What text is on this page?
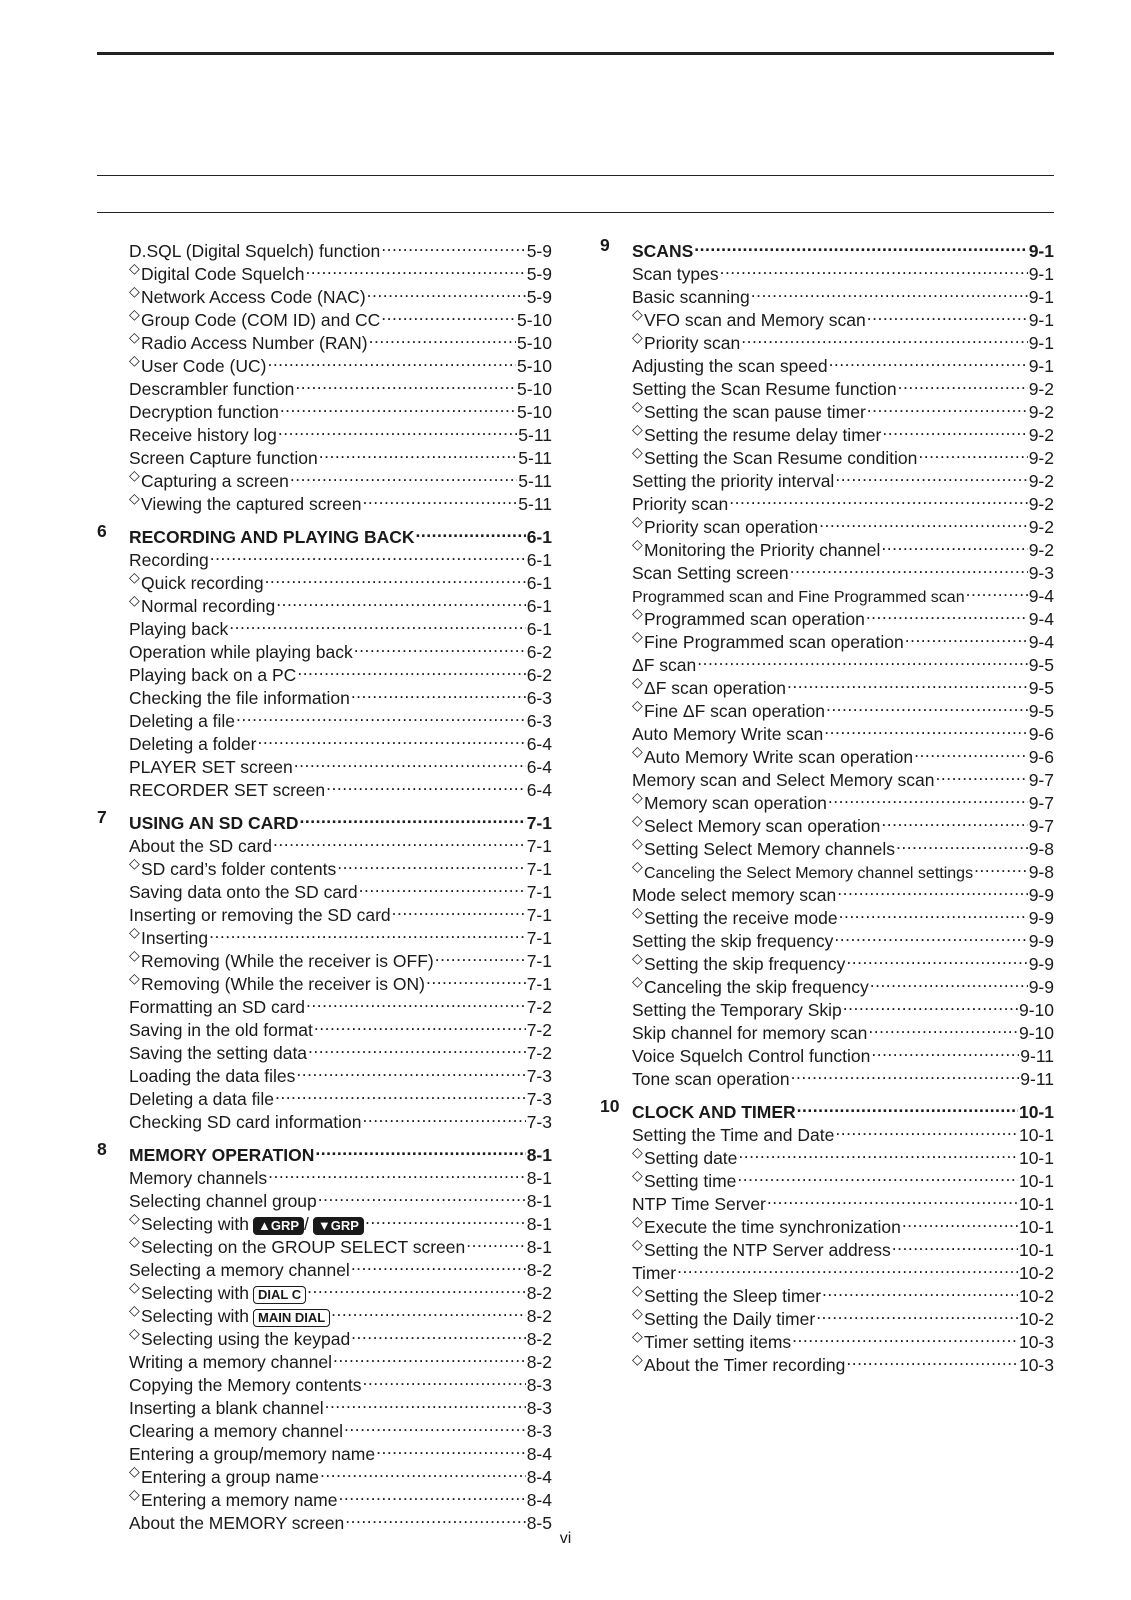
D.SQL (Digital Squelch) function .....	5-9
◇ Digital Code Squelch .....	5-9
◇ Network Access Code (NAC) .....	5-9
◇ Group Code (COM ID) and CC .....	5-10
◇ Radio Access Number (RAN) .....	5-10
◇ User Code (UC) .....	5-10
Descrambler function .....	5-10
Decryption function .....	5-10
Receive history log .....	5-11
Screen Capture function .....	5-11
◇ Capturing a screen .....	5-11
◇ Viewing the captured screen .....	5-11
6	RECORDING AND PLAYING BACK .....	6-1
Recording .....	6-1
◇ Quick recording .....	6-1
◇ Normal recording .....	6-1
Playing back .....	6-1
Operation while playing back .....	6-2
Playing back on a PC .....	6-2
Checking the file information .....	6-3
Deleting a file .....	6-3
Deleting a folder .....	6-4
PLAYER SET screen .....	6-4
RECORDER SET screen .....	6-4
7	USING AN SD CARD .....	7-1
About the SD card .....	7-1
◇ SD card’s folder contents .....	7-1
Saving data onto the SD card .....	7-1
Inserting or removing the SD card .....	7-1
◇ Inserting .....	7-1
◇ Removing (While the receiver is OFF) .....	7-1
◇ Removing (While the receiver is ON) .....	7-1
Formatting an SD card .....	7-2
Saving in the old format .....	7-2
Saving the setting data .....	7-2
Loading the data files .....	7-3
Deleting a data file .....	7-3
Checking SD card information .....	7-3
8	MEMORY OPERATION .....	8-1
Memory channels .....	8-1
Selecting channel group .....	8-1
◇ Selecting with ▲GRP / ▼GRP .....	8-1
◇ Selecting on the GROUP SELECT screen .....	8-1
Selecting a memory channel .....	8-2
◇ Selecting with DIAL C .....	8-2
◇ Selecting with MAIN DIAL .....	8-2
◇ Selecting using the keypad .....	8-2
Writing a memory channel .....	8-2
Copying the Memory contents .....	8-3
Inserting a blank channel .....	8-3
Clearing a memory channel .....	8-3
Entering a group/memory name .....	8-4
◇ Entering a group name .....	8-4
◇ Entering a memory name .....	8-4
About the MEMORY screen .....	8-5
9	SCANS .....	9-1
Scan types .....	9-1
Basic scanning .....	9-1
◇ VFO scan and Memory scan .....	9-1
◇ Priority scan .....	9-1
Adjusting the scan speed .....	9-1
Setting the Scan Resume function .....	9-2
◇ Setting the scan pause timer .....	9-2
◇ Setting the resume delay timer .....	9-2
◇ Setting the Scan Resume condition .....	9-2
Setting the priority interval .....	9-2
Priority scan .....	9-2
◇ Priority scan operation .....	9-2
◇ Monitoring the Priority channel .....	9-2
Scan Setting screen .....	9-3
Programmed scan and Fine Programmed scan .....	9-4
◇ Programmed scan operation .....	9-4
◇ Fine Programmed scan operation .....	9-4
ΔF scan .....	9-5
◇ ΔF scan operation .....	9-5
◇ Fine ΔF scan operation .....	9-5
Auto Memory Write scan .....	9-6
◇ Auto Memory Write scan operation .....	9-6
Memory scan and Select Memory scan .....	9-7
◇ Memory scan operation .....	9-7
◇ Select Memory scan operation .....	9-7
◇ Setting Select Memory channels .....	9-8
◇ Canceling the Select Memory channel settings .....	9-8
Mode select memory scan .....	9-9
◇ Setting the receive mode .....	9-9
Setting the skip frequency .....	9-9
◇ Setting the skip frequency .....	9-9
◇ Canceling the skip frequency .....	9-9
Setting the Temporary Skip .....	9-10
Skip channel for memory scan .....	9-10
Voice Squelch Control function .....	9-11
Tone scan operation .....	9-11
10 CLOCK AND TIMER .....	10-1
Setting the Time and Date .....	10-1
◇ Setting date .....	10-1
◇ Setting time .....	10-1
NTP Time Server .....	10-1
◇ Execute the time synchronization .....	10-1
◇ Setting the NTP Server address .....	10-1
Timer .....	10-2
◇ Setting the Sleep timer .....	10-2
◇ Setting the Daily timer .....	10-2
◇ Timer setting items .....	10-3
◇ About the Timer recording .....	10-3
vi
